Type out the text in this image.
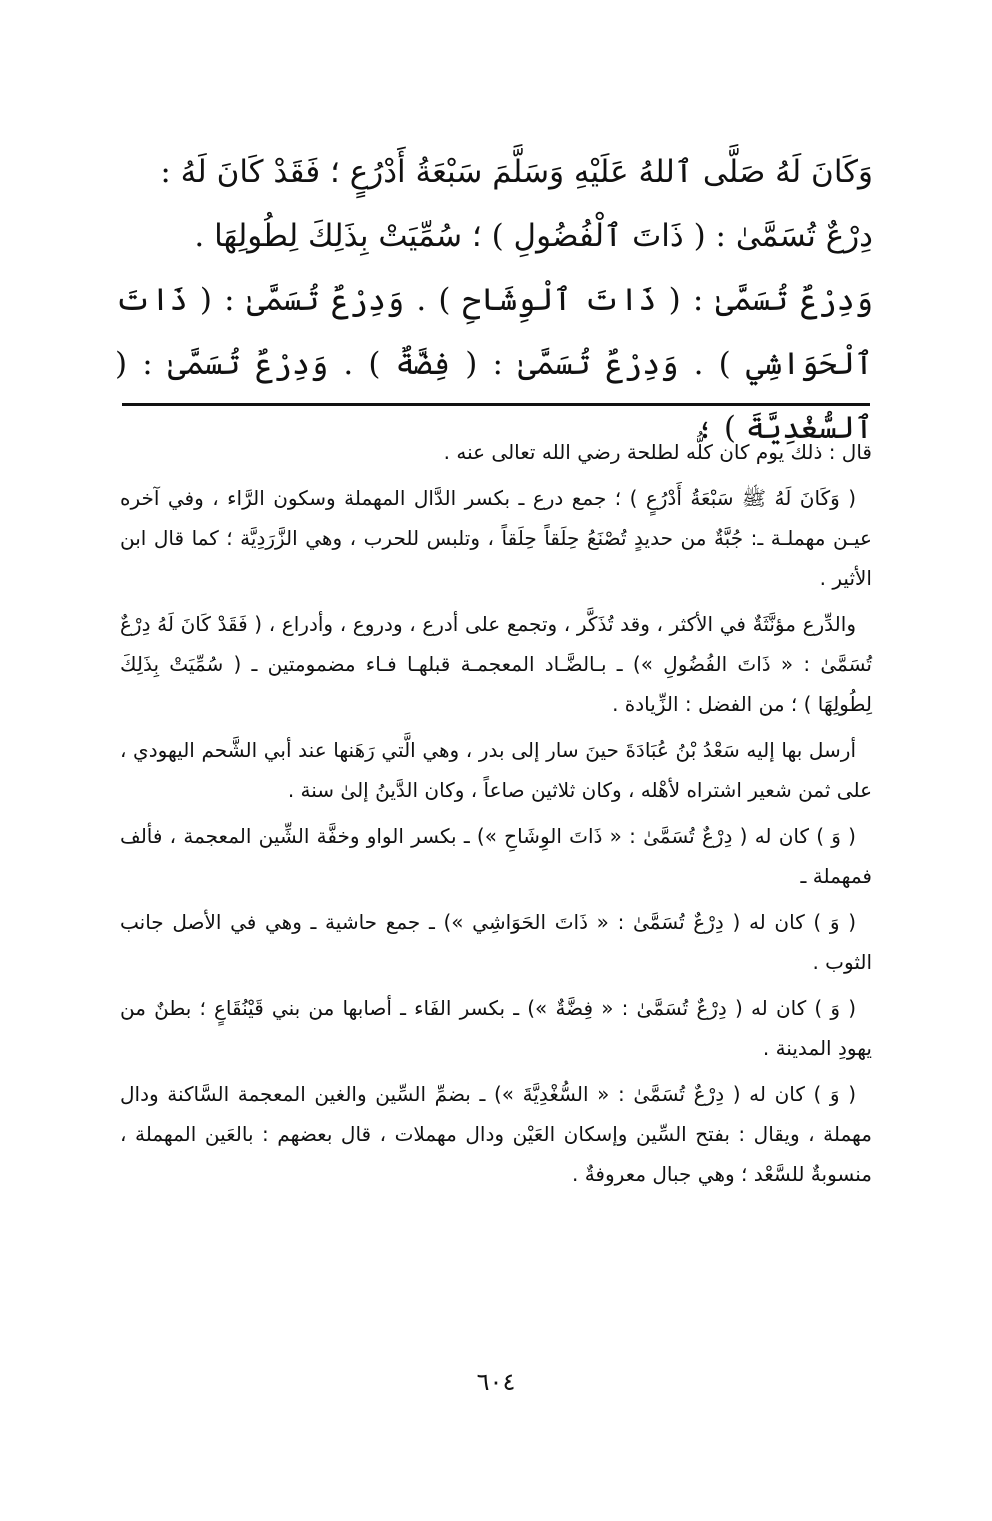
وَكَانَ لَهُ صَلَّى ٱللهُ عَلَيْهِ وَسَلَّمَ سَبْعَةُ أَدْرُعٍ ؛ فَقَدْ كَانَ لَهُ :

دِرْعٌ تُسَمَّىٰ : ( ذَاتَ ٱلْفُضُولِ ) ؛ سُمِّيَتْ بِذَلِكَ لِطُولِهَا .

وَدِرْعٌ تُسَمَّىٰ : ( ذَاتَ ٱلْوِشَاحِ ) . وَدِرْعٌ تُسَمَّىٰ : ( ذَاتَ ٱلْحَوَاشِي ) . وَدِرْعٌ تُسَمَّىٰ : ( فِضَّةٌ ) . وَدِرْعٌ تُسَمَّىٰ : ( ٱلسُّغْدِيَّةَ ) ؛

قال : ذلك يوم كان كلُّه لطلحة رضي الله تعالى عنه .

( وَكَانَ لَهُ ﷺ سَبْعَةُ أَدْرُعٍ ) ؛ جمع درع ـ بكسر الدَّال المهملة وسكون الرَّاء ، وفي آخره عيـن مهملـة ـ: جُبَّةٌ من حديدٍ تُصْنَعُ حِلَقاً حِلَقاً ، وتلبس للحرب ، وهي الزَّرَدِيَّة ؛ كما قال ابن الأثير .

والدِّرع مؤنَّثَةٌ في الأكثر ، وقد تُذَكَّر ، وتجمع على أدرع ، ودروع ، وأدراع ، ( فَقَدْ كَانَ لَهُ دِرْعٌ تُسَمَّىٰ : « ذَاتَ الفُضُولِ ») ـ بـالضَّـاد المعجمـة قبلهـا فـاء مضمومتين ـ ( سُمِّيَتْ بِذَلِكَ لِطُولِهَا ) ؛ من الفضل : الزِّيادة .

أرسل بها إليه سَعْدُ بْنُ عُبَادَةَ حينَ سار إلى بدر ، وهي الَّتي رَهَنها عند أبي الشَّحم اليهودي ، على ثمن شعير اشتراه لأهْله ، وكان ثلاثين صاعاً ، وكان الدَّينُ إلىٰ سنة .

( وَ ) كان له ( دِرْعٌ تُسَمَّىٰ : « ذَاتَ الوِشَاحِ ») ـ بكسر الواو وخفَّة الشِّين المعجمة ، فألف فمهملة ـ

( وَ ) كان له ( دِرْعٌ تُسَمَّىٰ : « ذَاتَ الحَوَاشِي ») ـ جمع حاشية ـ وهي في الأصل جانب الثوب .

( وَ ) كان له ( دِرْعٌ تُسَمَّىٰ : « فِضَّةٌ ») ـ بكسر الفَاء ـ أصابها من بني قَيْنُقَاعٍ ؛ بطنٌ من يهودِ المدينة .

( وَ ) كان له ( دِرْعٌ تُسَمَّىٰ : « السُّغْدِيَّةَ ») ـ بضمِّ السِّين والغين المعجمة السَّاكنة ودال مهملة ، ويقال : بفتح السِّين وإسكان العَيْن ودال مهملات ، قال بعضهم : بالعَين المهملة ، منسوبةٌ للسَّعْد ؛ وهي جبال معروفةٌ .

٦٠٤
